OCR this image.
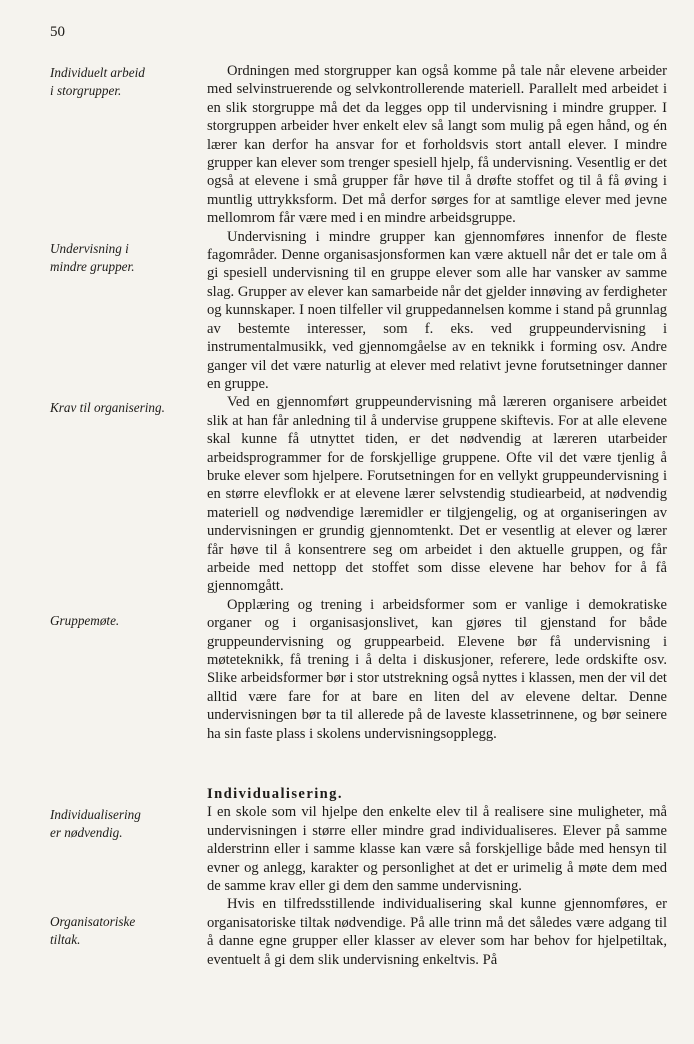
50
Individuelt arbeid
i storgrupper.
Undervisning i
mindre grupper.
Krav til organisering.
Gruppemøte.
Individualisering
er nødvendig.
Organisatoriske
tiltak.

Ordningen med storgrupper kan også komme på tale når elevene arbeider med selvinstruerende og selvkontrollerende materiell. Parallelt med arbeidet i en slik storgruppe må det da legges opp til undervisning i mindre grupper. I storgruppen arbeider hver enkelt elev så langt som mulig på egen hånd, og én lærer kan derfor ha ansvar for et forholdsvis stort antall elever. I mindre grupper kan elever som trenger spesiell hjelp, få undervisning. Vesentlig er det også at elevene i små grupper får høve til å drøfte stoffet og til å få øving i muntlig uttrykksform. Det må derfor sørges for at samtlige elever med jevne mellomrom får være med i en mindre arbeidsgruppe.

Undervisning i mindre grupper kan gjennomføres innenfor de fleste fagområder. Denne organisasjonsformen kan være aktuell når det er tale om å gi spesiell undervisning til en gruppe elever som alle har vansker av samme slag. Grupper av elever kan samarbeide når det gjelder innøving av ferdigheter og kunnskaper. I noen tilfeller vil gruppedannelsen komme i stand på grunnlag av bestemte interesser, som f. eks. ved gruppeundervisning i instrumentalmusikk, ved gjennomgåelse av en teknikk i forming osv. Andre ganger vil det være naturlig at elever med relativt jevne forutsetninger danner en gruppe.

Ved en gjennomført gruppeundervisning må læreren organisere arbeidet slik at han får anledning til å undervise gruppene skiftevis. For at alle elevene skal kunne få utnyttet tiden, er det nødvendig at læreren utarbeider arbeidsprogrammer for de forskjellige gruppene. Ofte vil det være tjenlig å bruke elever som hjelpere. Forutsetningen for en vellykt gruppeundervisning i en større elevflokk er at elevene lærer selvstendig studiearbeid, at nødvendig materiell og nødvendige læremidler er tilgjengelig, og at organiseringen av undervisningen er grundig gjennomtenkt. Det er vesentlig at elever og lærer får høve til å konsentrere seg om arbeidet i den aktuelle gruppen, og får arbeide med nettopp det stoffet som disse elevene har behov for å få gjennomgått.

Opplæring og trening i arbeidsformer som er vanlige i demokratiske organer og i organisasjonslivet, kan gjøres til gjenstand for både gruppeundervisning og gruppearbeid. Elevene bør få undervisning i møteteknikk, få trening i å delta i diskusjoner, referere, lede ordskifte osv. Slike arbeidsformer bør i stor utstrekning også nyttes i klassen, men der vil det alltid være fare for at bare en liten del av elevene deltar. Denne undervisningen bør ta til allerede på de laveste klassetrinnene, og bør seinere ha sin faste plass i skolens undervisningsopplegg.

Individualisering.

I en skole som vil hjelpe den enkelte elev til å realisere sine muligheter, må undervisningen i større eller mindre grad individualiseres. Elever på samme alderstrinn eller i samme klasse kan være så forskjellige både med hensyn til evner og anlegg, karakter og personlighet at det er urimelig å møte dem med de samme krav eller gi dem den samme undervisning.

Hvis en tilfredsstillende individualisering skal kunne gjennomføres, er organisatoriske tiltak nødvendige. På alle trinn må det således være adgang til å danne egne grupper eller klasser av elever som har behov for hjelpetiltak, eventuelt å gi dem slik undervisning enkeltvis. På
